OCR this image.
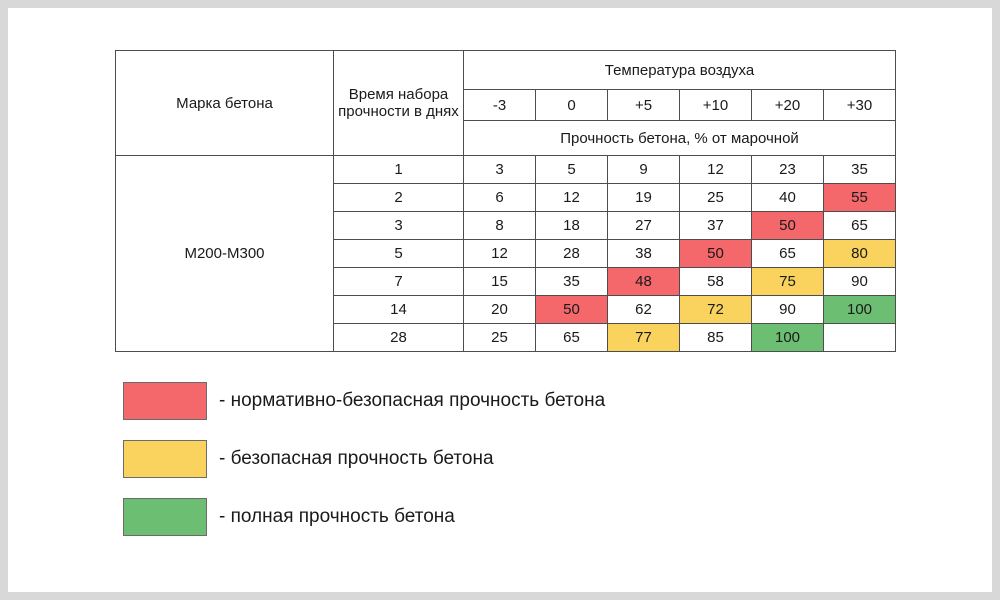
Марка бетона	Время набора прочности в днях	Температура воздуха					
		-3	0	+5	+10	+20	+30
		Прочность бетона, % от марочной					
М200-М300	1	3	5	9	12	23	35
	2	6	12	19	25	40	55
	3	8	18	27	37	50	65
	5	12	28	38	50	65	80
	7	15	35	48	58	75	90
	14	20	50	62	72	90	100
	28	25	65	77	85	100	
- нормативно-безопасная прочность бетона
- безопасная прочность бетона
- полная прочность бетона
